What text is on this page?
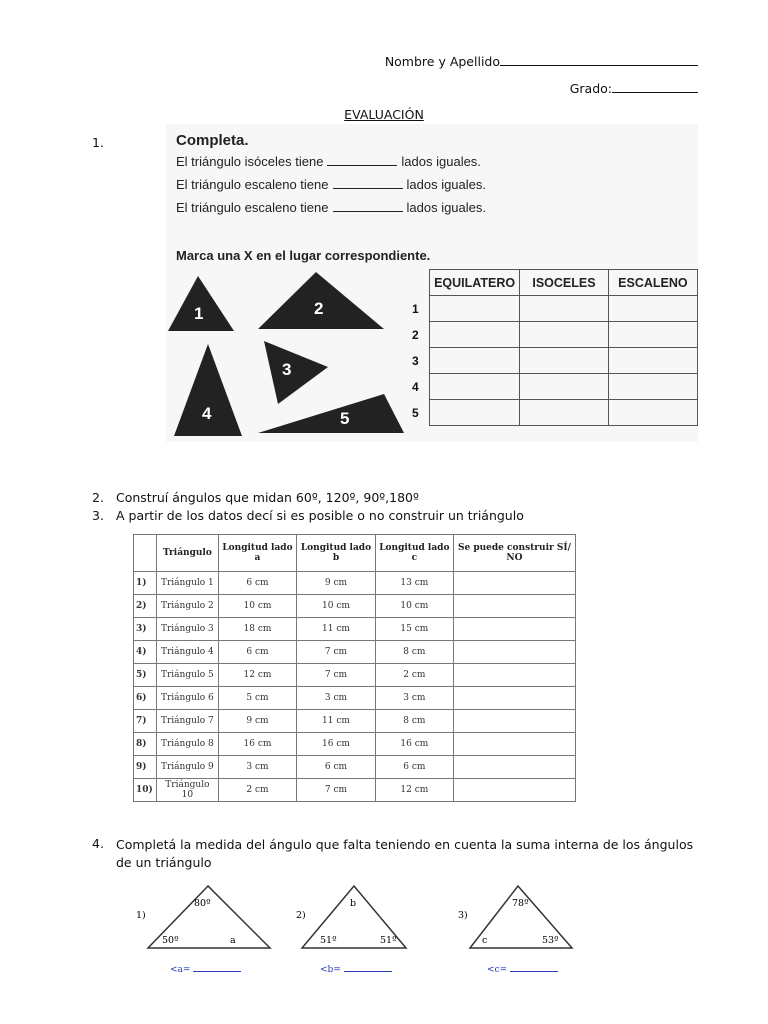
Nombre y Apellido
Grado:
EVALUACIÓN
1.	Completa.
El triángulo isóceles tiene	lados iguales.
El triángulo escaleno tiene	lados iguales.
El triángulo escaleno tiene	lados iguales.
Marca una X en el lugar correspondiente.
1	2
3
4	5
	EQUILATERO	ISOCELES	ESCALENO
1			
2			
3			
4			
5			
2. Construí ángulos que midan 60º, 120º, 90º,180º
3. A partir de los datos decí si es posible o no construir un triángulo
	Triángulo	Longitud lado a	Longitud lado b	Longitud lado c	Se puede construir SÍ/ NO
1)	Triángulo 1	6 cm	9 cm	13 cm	
2)	Triángulo 2	10 cm	10 cm	10 cm	
3)	Triángulo 3	18 cm	11 cm	15 cm	
4)	Triángulo 4	6 cm	7 cm	8 cm	
5)	Triángulo 5	12 cm	7 cm	2 cm	
6)	Triángulo 6	5 cm	3 cm	3 cm	
7)	Triángulo 7	9 cm	11 cm	8 cm	
8)	Triángulo 8	16 cm	16 cm	16 cm	
9)	Triángulo 9	3 cm	6 cm	6 cm	
10)	Triángulo 10	2 cm	7 cm	12 cm	
4. Completá la medida del ángulo que falta teniendo en cuenta la suma interna de los ángulos de un triángulo
1)
80º
50º	a
2)
b
51º	51º
3)
78º
c	53º
<a=	<b=	<c=
